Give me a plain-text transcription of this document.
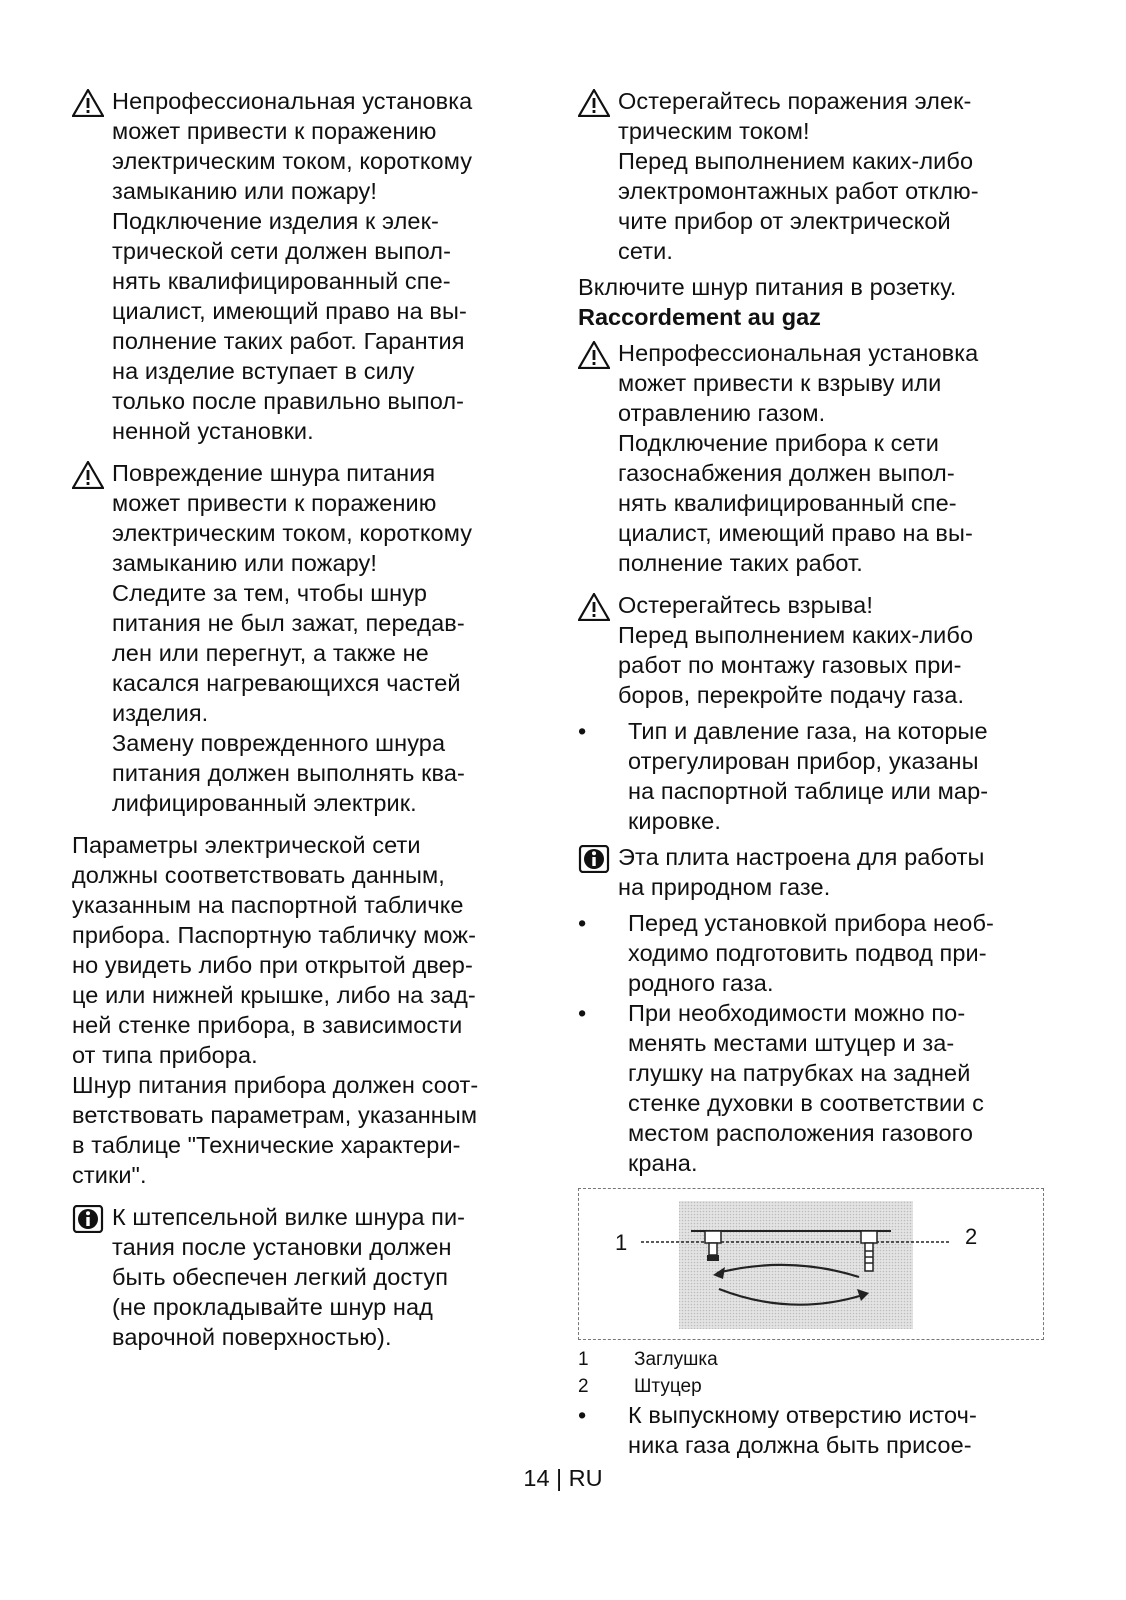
Непрофессиональная установка
может привести к поражению
электрическим током, короткому
замыканию или пожару!
Подключение изделия к элек-
трической сети должен выпол-
нять квалифицированный спе-
циалист, имеющий право на вы-
полнение таких работ. Гарантия
на изделие вступает в силу
только после правильно выпол-
ненной установки.
Повреждение шнура питания
может привести к поражению
электрическим током, короткому
замыканию или пожару!
Следите за тем, чтобы шнур
питания не был зажат, передав-
лен или перегнут, а также не
касался нагревающихся частей
изделия.
Замену поврежденного шнура
питания должен выполнять ква-
лифицированный электрик.
Параметры электрической сети
должны соответствовать данным,
указанным на паспортной табличке
прибора. Паспортную табличку мож-
но увидеть либо при открытой двер-
це или нижней крышке, либо на зад-
ней стенке прибора, в зависимости
от типа прибора.
Шнур питания прибора должен соот-
ветствовать параметрам, указанным
в таблице "Технические характери-
стики".
К штепсельной вилке шнура пи-
тания после установки должен
быть обеспечен легкий доступ
(не прокладывайте шнур над
варочной поверхностью).
Остерегайтесь поражения элек-
трическим током!
Перед выполнением каких-либо
электромонтажных работ отклю-
чите прибор от электрической
сети.
Включите шнур питания в розетку.
Raccordement au gaz
Непрофессиональная установка
может привести к взрыву или
отравлению газом.
Подключение прибора к сети
газоснабжения должен выпол-
нять квалифицированный спе-
циалист, имеющий право на вы-
полнение таких работ.
Остерегайтесь взрыва!
Перед выполнением каких-либо
работ по монтажу газовых при-
боров, перекройте подачу газа.
• Тип и давление газа, на которые
отрегулирован прибор, указаны
на паспортной таблице или мар-
кировке.
Эта плита настроена для работы
на природном газе.
• Перед установкой прибора необ-
ходимо подготовить подвод при-
родного газа.
• При необходимости можно по-
менять местами штуцер и за-
глушку на патрубках на задней
стенке духовки в соответствии с
местом расположения газового
крана.
1	2
1 Заглушка
2 Штуцер
• К выпускному отверстию источ-
ника газа должна быть присое-
14 | RU
